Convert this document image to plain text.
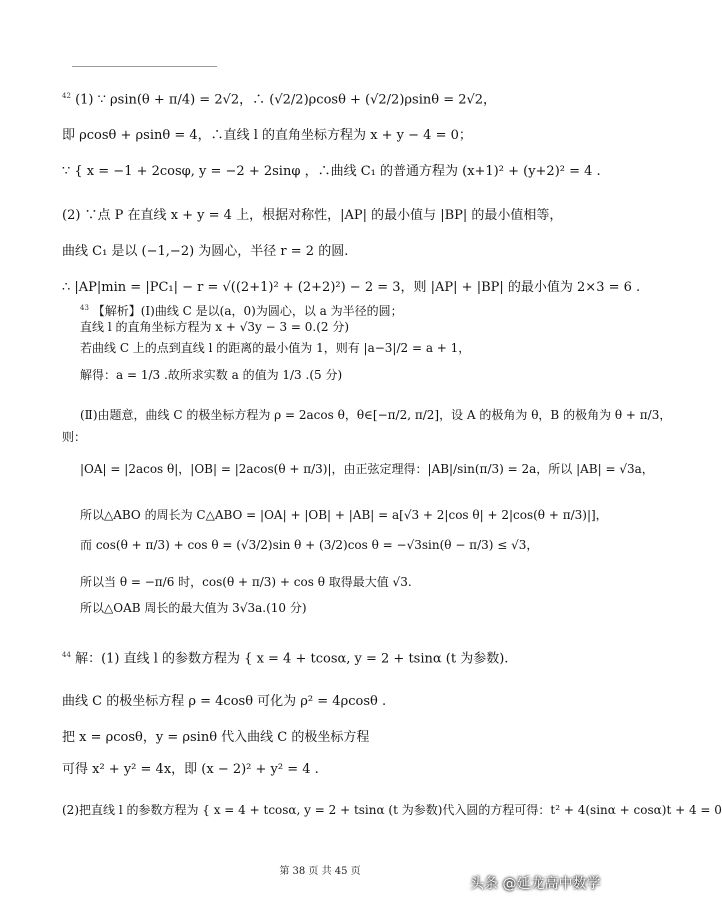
$^{42}$ (1) ∵ ρsin(θ + π/4) = 2√2，∴ (√2/2)ρcosθ + (√2/2)ρsinθ = 2√2，
即 ρcosθ + ρsinθ = 4，∴直线 l 的直角坐标方程为 x + y − 4 = 0；
∵ { x = −1 + 2cosφ, y = −2 + 2sinφ ，∴曲线 C₁ 的普通方程为 (x+1)² + (y+2)² = 4 .
(2) ∵点 P 在直线 x + y = 4 上，根据对称性，|AP| 的最小值与 |BP| 的最小值相等，
曲线 C₁ 是以 (−1,−2) 为圆心，半径 r = 2 的圆.
∴ |AP|min = |PC₁| − r = √((2+1)² + (2+2)²) − 2 = 3，则 |AP| + |BP| 的最小值为 2×3 = 6 .
$^{43}$ 【解析】(Ⅰ)曲线 C 是以(a，0)为圆心，以 a 为半径的圆；
直线 l 的直角坐标方程为 x + √3y − 3 = 0.(2 分)
若曲线 C 上的点到直线 l 的距离的最小值为 1，则有 |a−3|/2 = a + 1，
解得：a = 1/3 .故所求实数 a 的值为 1/3 .(5 分)
(Ⅱ)由题意，曲线 C 的极坐标方程为 ρ = 2acos θ，θ∈[−π/2, π/2]，设 A 的极角为 θ，B 的极角为 θ + π/3，
则：
|OA| = |2acos θ|，|OB| = |2acos(θ + π/3)|，由正弦定理得：|AB|/sin(π/3) = 2a，所以 |AB| = √3a，
所以△ABO 的周长为 C△ABO = |OA| + |OB| + |AB| = a[√3 + 2|cos θ| + 2|cos(θ + π/3)|]，
而 cos(θ + π/3) + cos θ = (√3/2)sin θ + (3/2)cos θ = −√3sin(θ − π/3) ≤ √3，
所以当 θ = −π/6 时，cos(θ + π/3) + cos θ 取得最大值 √3.
所以△OAB 周长的最大值为 3√3a.(10 分)
$^{44}$ 解：(1) 直线 l 的参数方程为 { x = 4 + tcosα, y = 2 + tsinα (t 为参数).
曲线 C 的极坐标方程 ρ = 4cosθ 可化为 ρ² = 4ρcosθ .
把 x = ρcosθ，y = ρsinθ 代入曲线 C 的极坐标方程
可得 x² + y² = 4x，即 (x − 2)² + y² = 4 .
(2)把直线 l 的参数方程为 { x = 4 + tcosα, y = 2 + tsinα (t 为参数)代入圆的方程可得：t² + 4(sinα + cosα)t + 4 = 0
第 38 页 共 45 页
头条 @延龙高中数学
